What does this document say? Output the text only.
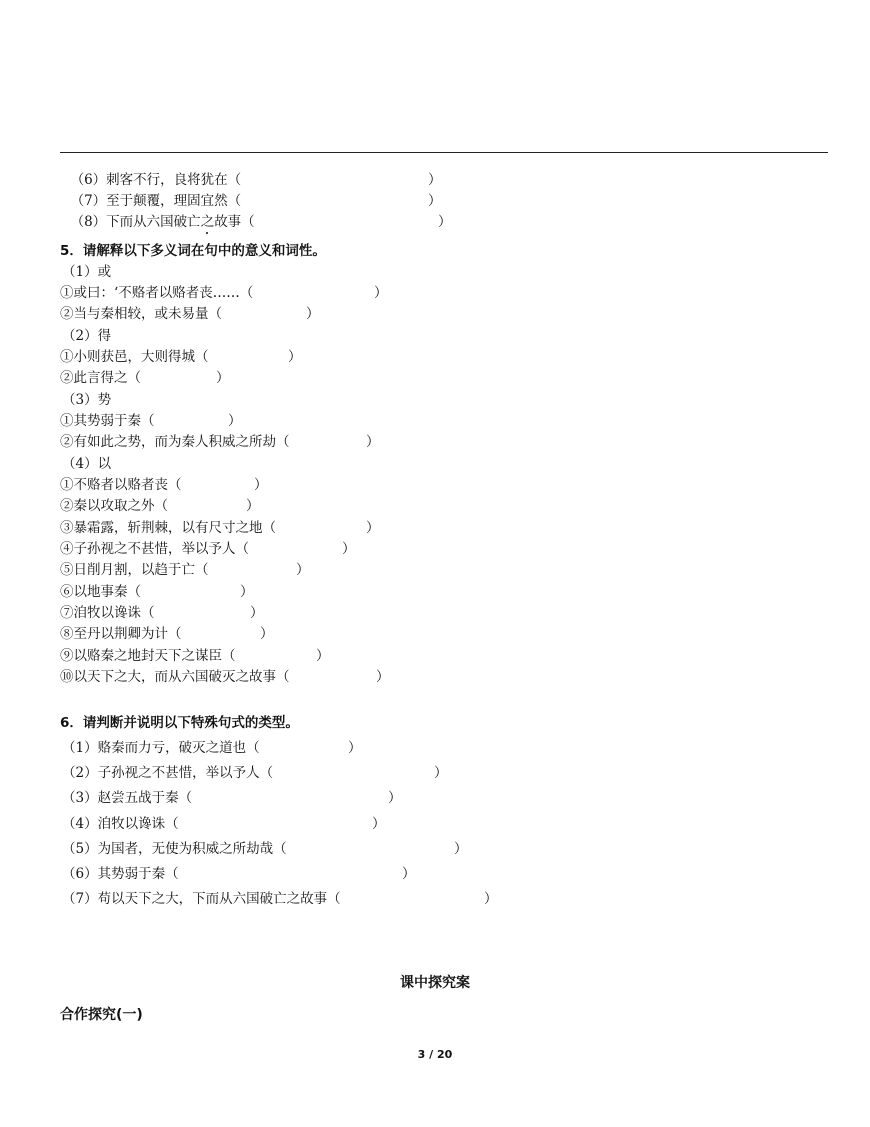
（6）刺客不行，良将犹在（	）

（7）至于颠覆，理固宜然（	）

（8）下而从六国破亡之故事（	）

5．请解释以下多义词在句中的意义和词性。
（1）或
①或曰：‘不赂者以赂者丧……（	）
②当与秦相较，或未易量（	）
（2）得
①小则获邑，大则得城（	）
②此言得之（	）
（3）势
①其势弱于秦（	）
②有如此之势，而为秦人积威之所劫（	）
（4）以
①不赂者以赂者丧（	）
②秦以攻取之外（	）
③暴霜露，斩荆棘，以有尺寸之地（	）
④子孙视之不甚惜，举以予人（	）
⑤日削月割，以趋于亡（	）
⑥以地事秦（	）
⑦洎牧以谗诛（	）
⑧至丹以荆卿为计（	）
⑨以赂秦之地封天下之谋臣（	）
⑩以天下之大，而从六国破灭之故事（	）
6．请判断并说明以下特殊句式的类型。
（1）赂秦而力亏，破灭之道也（	）
（2）子孙视之不甚惜，举以予人（	）
（3）赵尝五战于秦（	）
（4）洎牧以谗诛（	）
（5）为国者，无使为积威之所劫哉（	）
（6）其势弱于秦（	）
（7）苟以天下之大，下而从六国破亡之故事（	）
课中探究案
合作探究(一)
3 / 20
